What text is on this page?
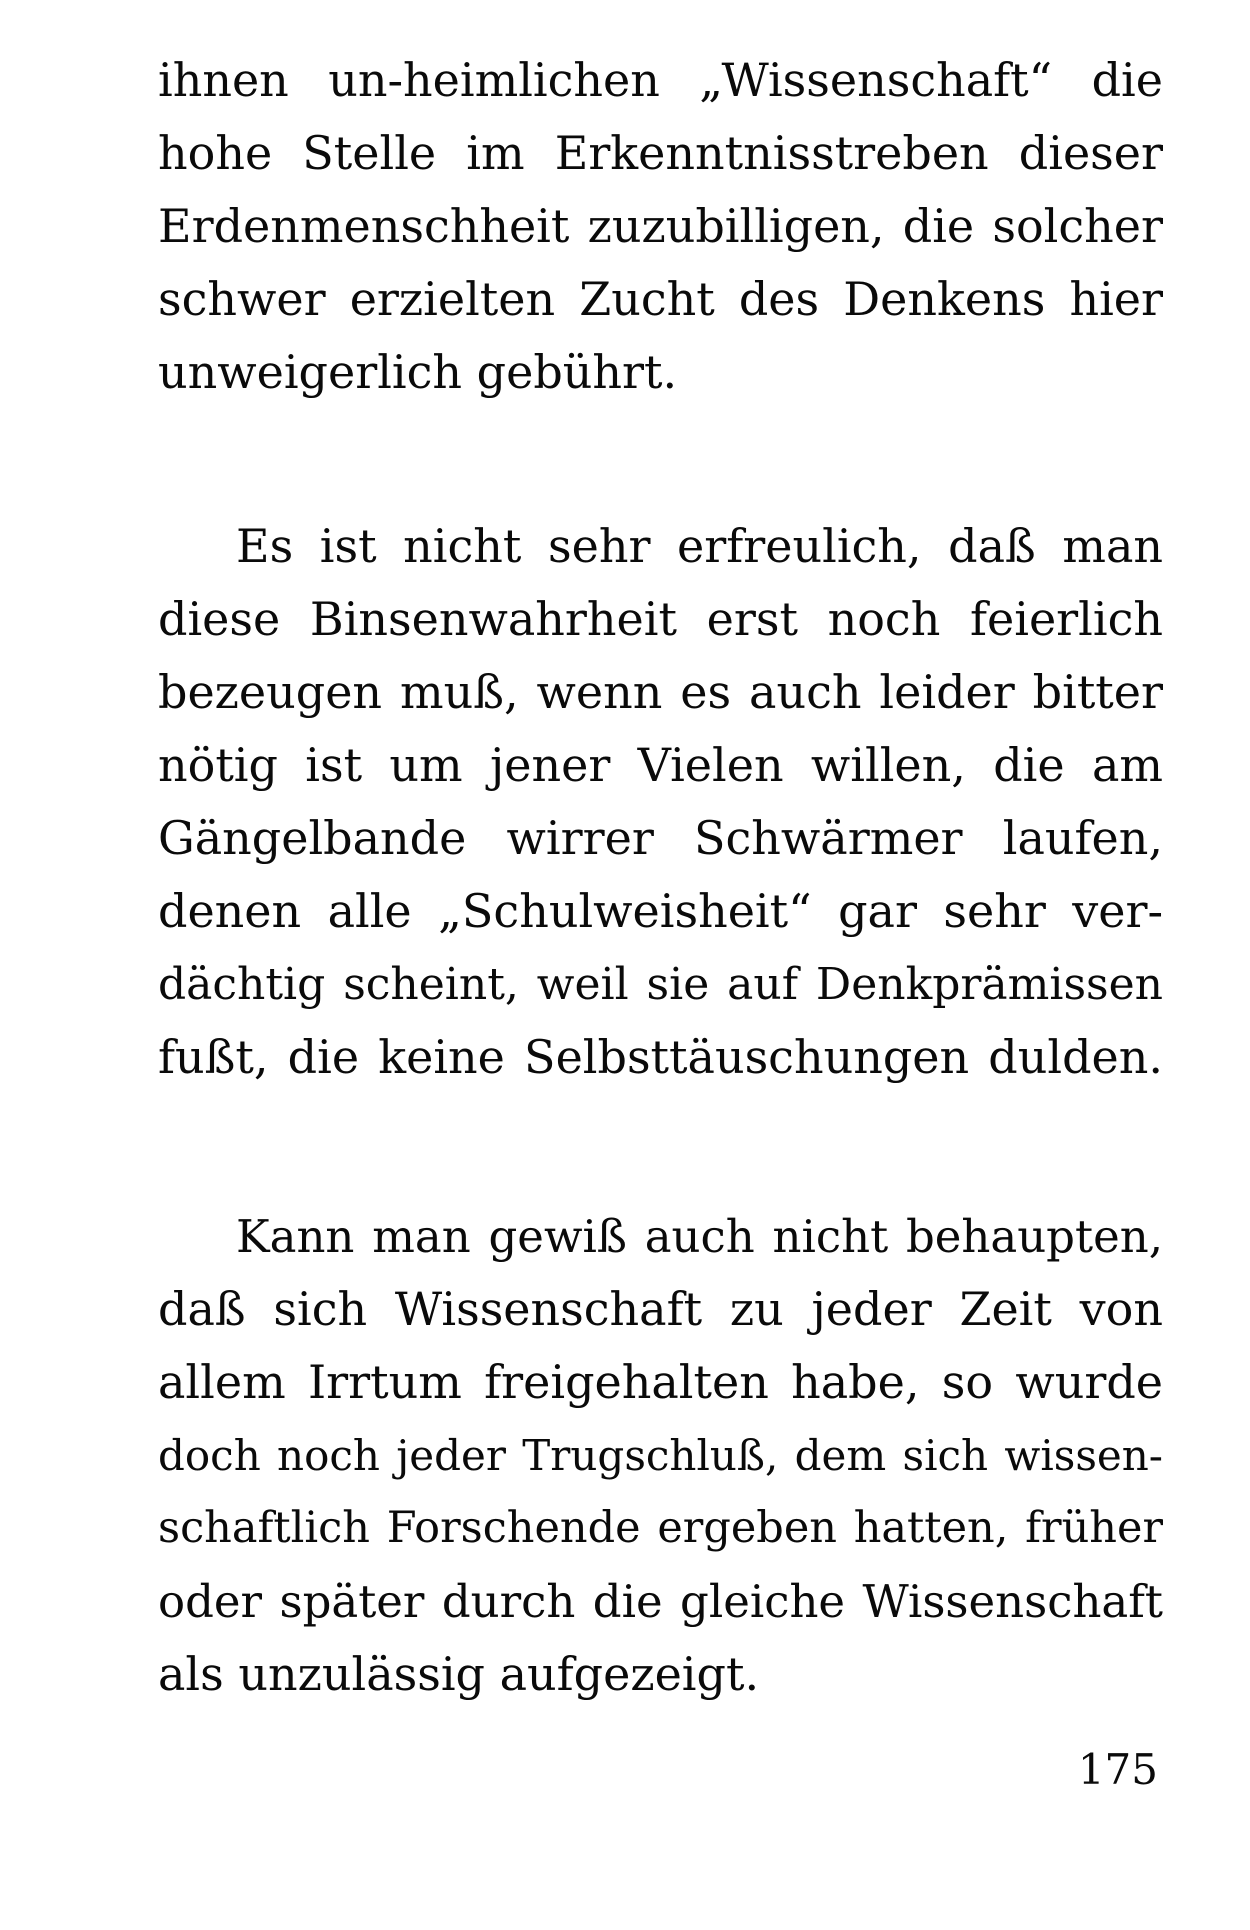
ihnen un-heimlichen „Wissenschaft“ die
hohe Stelle im Erkenntnisstreben dieser
Erdenmenschheit zuzubilligen, die solcher
schwer erzielten Zucht des Denkens hier
unweigerlich gebührt.
Es ist nicht sehr erfreulich, daß man
diese Binsenwahrheit erst noch feierlich
bezeugen muß, wenn es auch leider bitter
nötig ist um jener Vielen willen, die am
Gängelbande wirrer Schwärmer laufen,
denen alle „Schulweisheit“ gar sehr ver-
dächtig scheint, weil sie auf Denkprämissen
fußt, die keine Selbsttäuschungen dulden.
Kann man gewiß auch nicht behaupten,
daß sich Wissenschaft zu jeder Zeit von
allem Irrtum freigehalten habe, so wurde
doch noch jeder Trugschluß, dem sich wissen-
schaftlich Forschende ergeben hatten, früher
oder später durch die gleiche Wissenschaft
als unzulässig aufgezeigt.
175
